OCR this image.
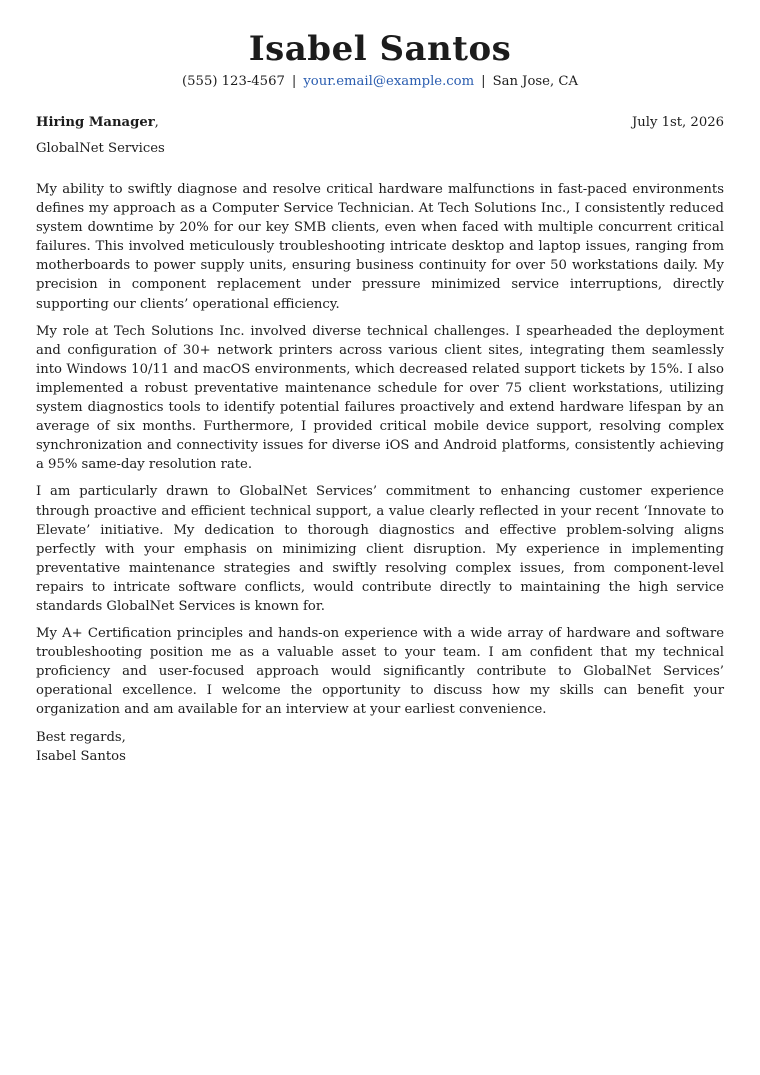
Isabel Santos
(555) 123-4567 | your.email@example.com | San Jose, CA
Hiring Manager,	July 1st, 2026
GlobalNet Services

My ability to swiftly diagnose and resolve critical hardware malfunctions in fast-paced environments defines my approach as a Computer Service Technician. At Tech Solutions Inc., I consistently reduced system downtime by 20% for our key SMB clients, even when faced with multiple concurrent critical failures. This involved meticulously troubleshooting intricate desktop and laptop issues, ranging from motherboards to power supply units, ensuring business continuity for over 50 workstations daily. My precision in component replacement under pressure minimized service interruptions, directly supporting our clients’ operational efficiency.

My role at Tech Solutions Inc. involved diverse technical challenges. I spearheaded the deployment and configuration of 30+ network printers across various client sites, integrating them seamlessly into Windows 10/11 and macOS environments, which decreased related support tickets by 15%. I also implemented a robust preventative maintenance schedule for over 75 client workstations, utilizing system diagnostics tools to identify potential failures proactively and extend hardware lifespan by an average of six months. Furthermore, I provided critical mobile device support, resolving complex synchronization and connectivity issues for diverse iOS and Android platforms, consistently achieving a 95% same-day resolution rate.

I am particularly drawn to GlobalNet Services’ commitment to enhancing customer experience through proactive and efficient technical support, a value clearly reflected in your recent ‘Innovate to Elevate’ initiative. My dedication to thorough diagnostics and effective problem-solving aligns perfectly with your emphasis on minimizing client disruption. My experience in implementing preventative maintenance strategies and swiftly resolving complex issues, from component-level repairs to intricate software conflicts, would contribute directly to maintaining the high service standards GlobalNet Services is known for.

My A+ Certification principles and hands-on experience with a wide array of hardware and software troubleshooting position me as a valuable asset to your team. I am confident that my technical proficiency and user-focused approach would significantly contribute to GlobalNet Services’ operational excellence. I welcome the opportunity to discuss how my skills can benefit your organization and am available for an interview at your earliest convenience.

Best regards,
Isabel Santos
